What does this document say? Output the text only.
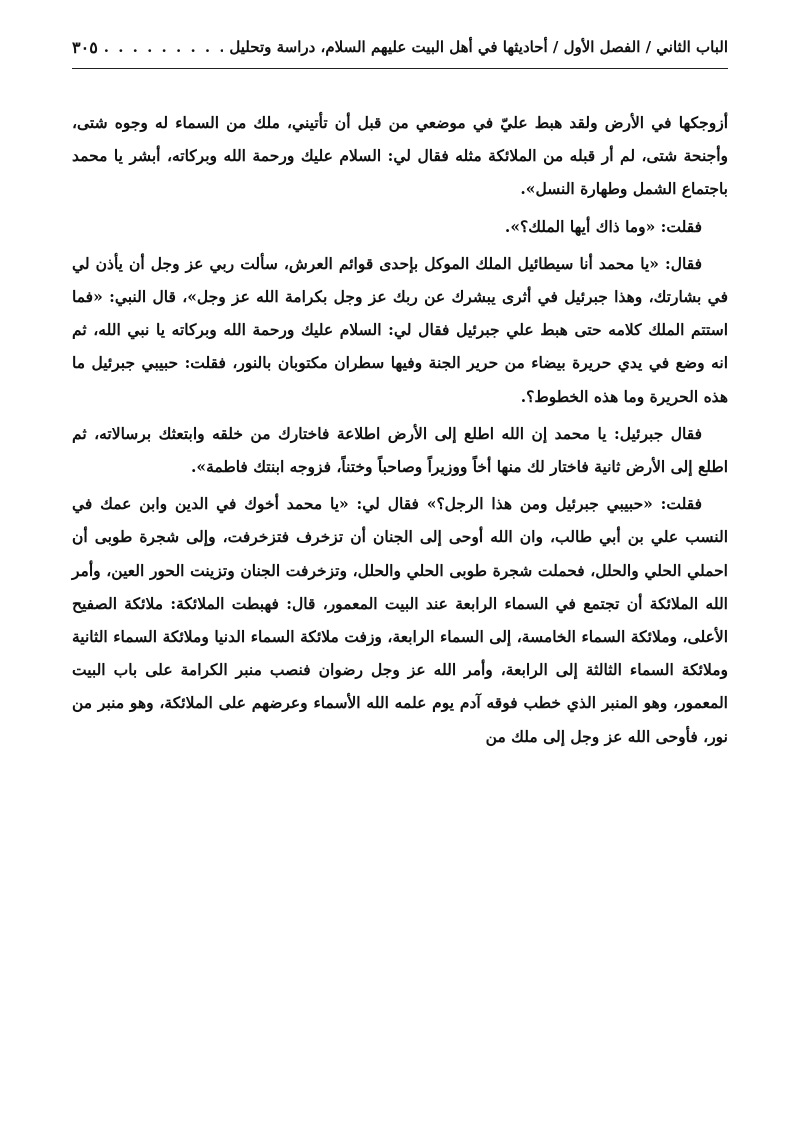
الباب الثاني / الفصل الأول / أحاديثها في أهل البيت عليهم السلام، دراسة وتحليل
. . .
٣٠٥

أزوجكها في الأرض ولقد هبط عليّ في موضعي من قبل أن تأتيني، ملك من السماء له وجوه شتى، وأجنحة شتى، لم أر قبله من الملائكة مثله فقال لي: السلام عليك ورحمة الله وبركاته، أبشر يا محمد باجتماع الشمل وطهارة النسل».

فقلت: «وما ذاك أيها الملك؟».

فقال: «يا محمد أنا سيطائيل الملك الموكل بإحدى قوائم العرش، سألت ربي عز وجل أن يأذن لي في بشارتك، وهذا جبرئيل في أثرى يبشرك عن ربك عز وجل بكرامة الله عز وجل»، قال النبي: «فما استتم الملك كلامه حتى هبط علي جبرئيل فقال لي: السلام عليك ورحمة الله وبركاته يا نبي الله، ثم انه وضع في يدي حريرة بيضاء من حرير الجنة وفيها سطران مكتوبان بالنور، فقلت: حبيبي جبرئيل ما هذه الحريرة وما هذه الخطوط؟.

فقال جبرئيل: يا محمد إن الله اطلع إلى الأرض اطلاعة فاختارك من خلقه وابتعثك برسالاته، ثم اطلع إلى الأرض ثانية فاختار لك منها أخاً ووزيراً وصاحباً وختناً، فزوجه ابنتك فاطمة».

فقلت: «حبيبي جبرئيل ومن هذا الرجل؟» فقال لي: «يا محمد أخوك في الدين وابن عمك في النسب علي بن أبي طالب، وان الله أوحى إلى الجنان أن تزخرف فتزخرفت، وإلى شجرة طوبى أن احملي الحلي والحلل، فحملت شجرة طوبى الحلي والحلل، وتزخرفت الجنان وتزينت الحور العين، وأمر الله الملائكة أن تجتمع في السماء الرابعة عند البيت المعمور، قال: فهبطت الملائكة: ملائكة الصفيح الأعلى، وملائكة السماء الخامسة، إلى السماء الرابعة، وزفت ملائكة السماء الدنيا وملائكة السماء الثانية وملائكة السماء الثالثة إلى الرابعة، وأمر الله عز وجل رضوان فنصب منبر الكرامة على باب البيت المعمور، وهو المنبر الذي خطب فوقه آدم يوم علمه الله الأسماء وعرضهم على الملائكة، وهو منبر من نور، فأوحى الله عز وجل إلى ملك من
